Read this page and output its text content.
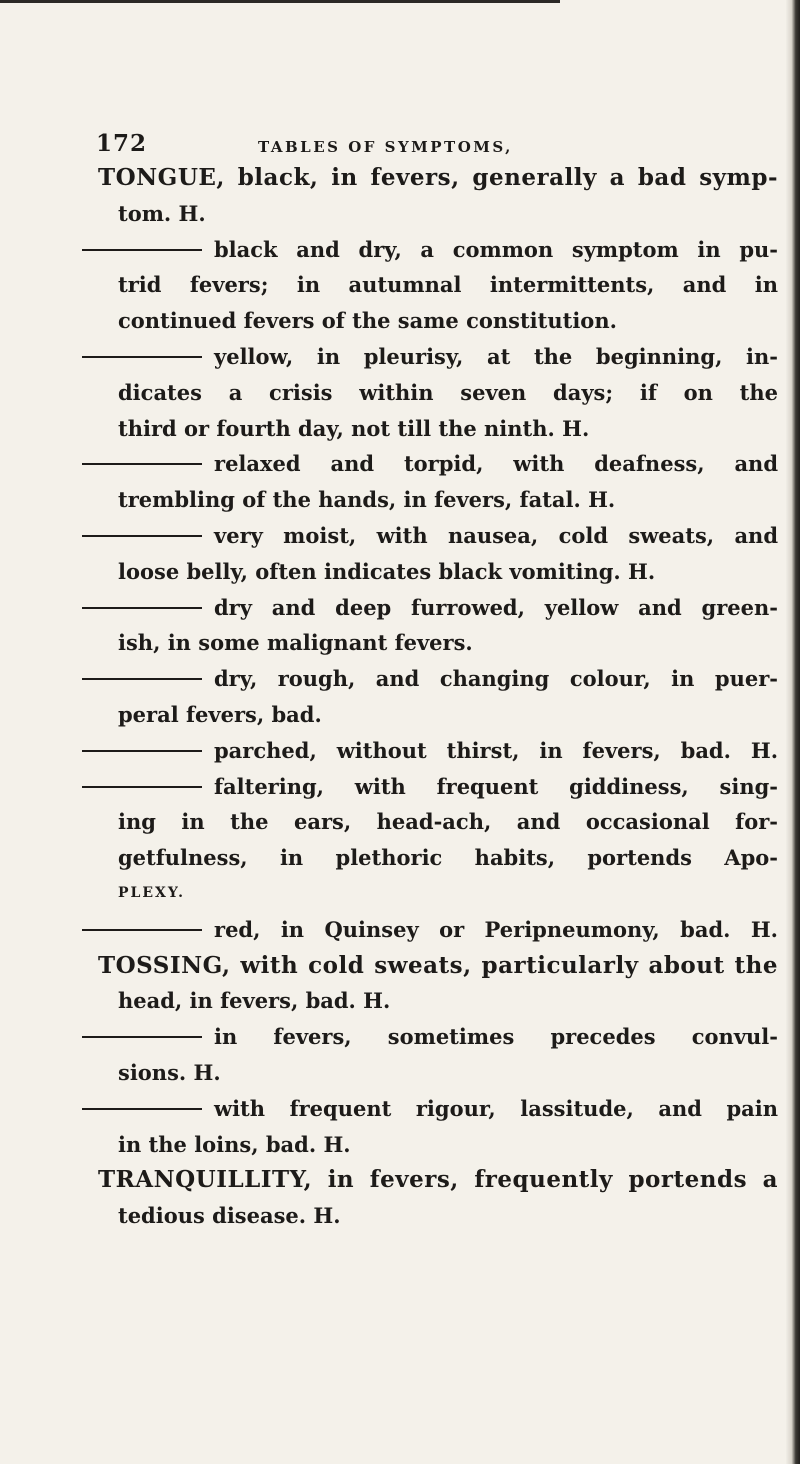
172	TABLES OF SYMPTOMS,
TONGUE, black, in fevers, generally a bad symp-
tom. H.
black and dry, a common symptom in pu-
trid fevers; in autumnal intermittents, and in
continued fevers of the same constitution.
yellow, in pleurisy, at the beginning, in-
dicates a crisis within seven days; if on the
third or fourth day, not till the ninth. H.
relaxed and torpid, with deafness, and
trembling of the hands, in fevers, fatal. H.
very moist, with nausea, cold sweats, and
loose belly, often indicates black vomiting. H.
dry and deep furrowed, yellow and green-
ish, in some malignant fevers.
dry, rough, and changing colour, in puer-
peral fevers, bad.
parched, without thirst, in fevers, bad. H.
faltering, with frequent giddiness, sing-
ing in the ears, head-ach, and occasional for-
getfulness, in plethoric habits, portends Apo-
PLEXY.
red, in Quinsey or Peripneumony, bad. H.
TOSSING, with cold sweats, particularly about the
head, in fevers, bad. H.
in fevers, sometimes precedes convul-
sions. H.
with frequent rigour, lassitude, and pain
in the loins, bad. H.
TRANQUILLITY, in fevers, frequently portends a
tedious disease. H.
